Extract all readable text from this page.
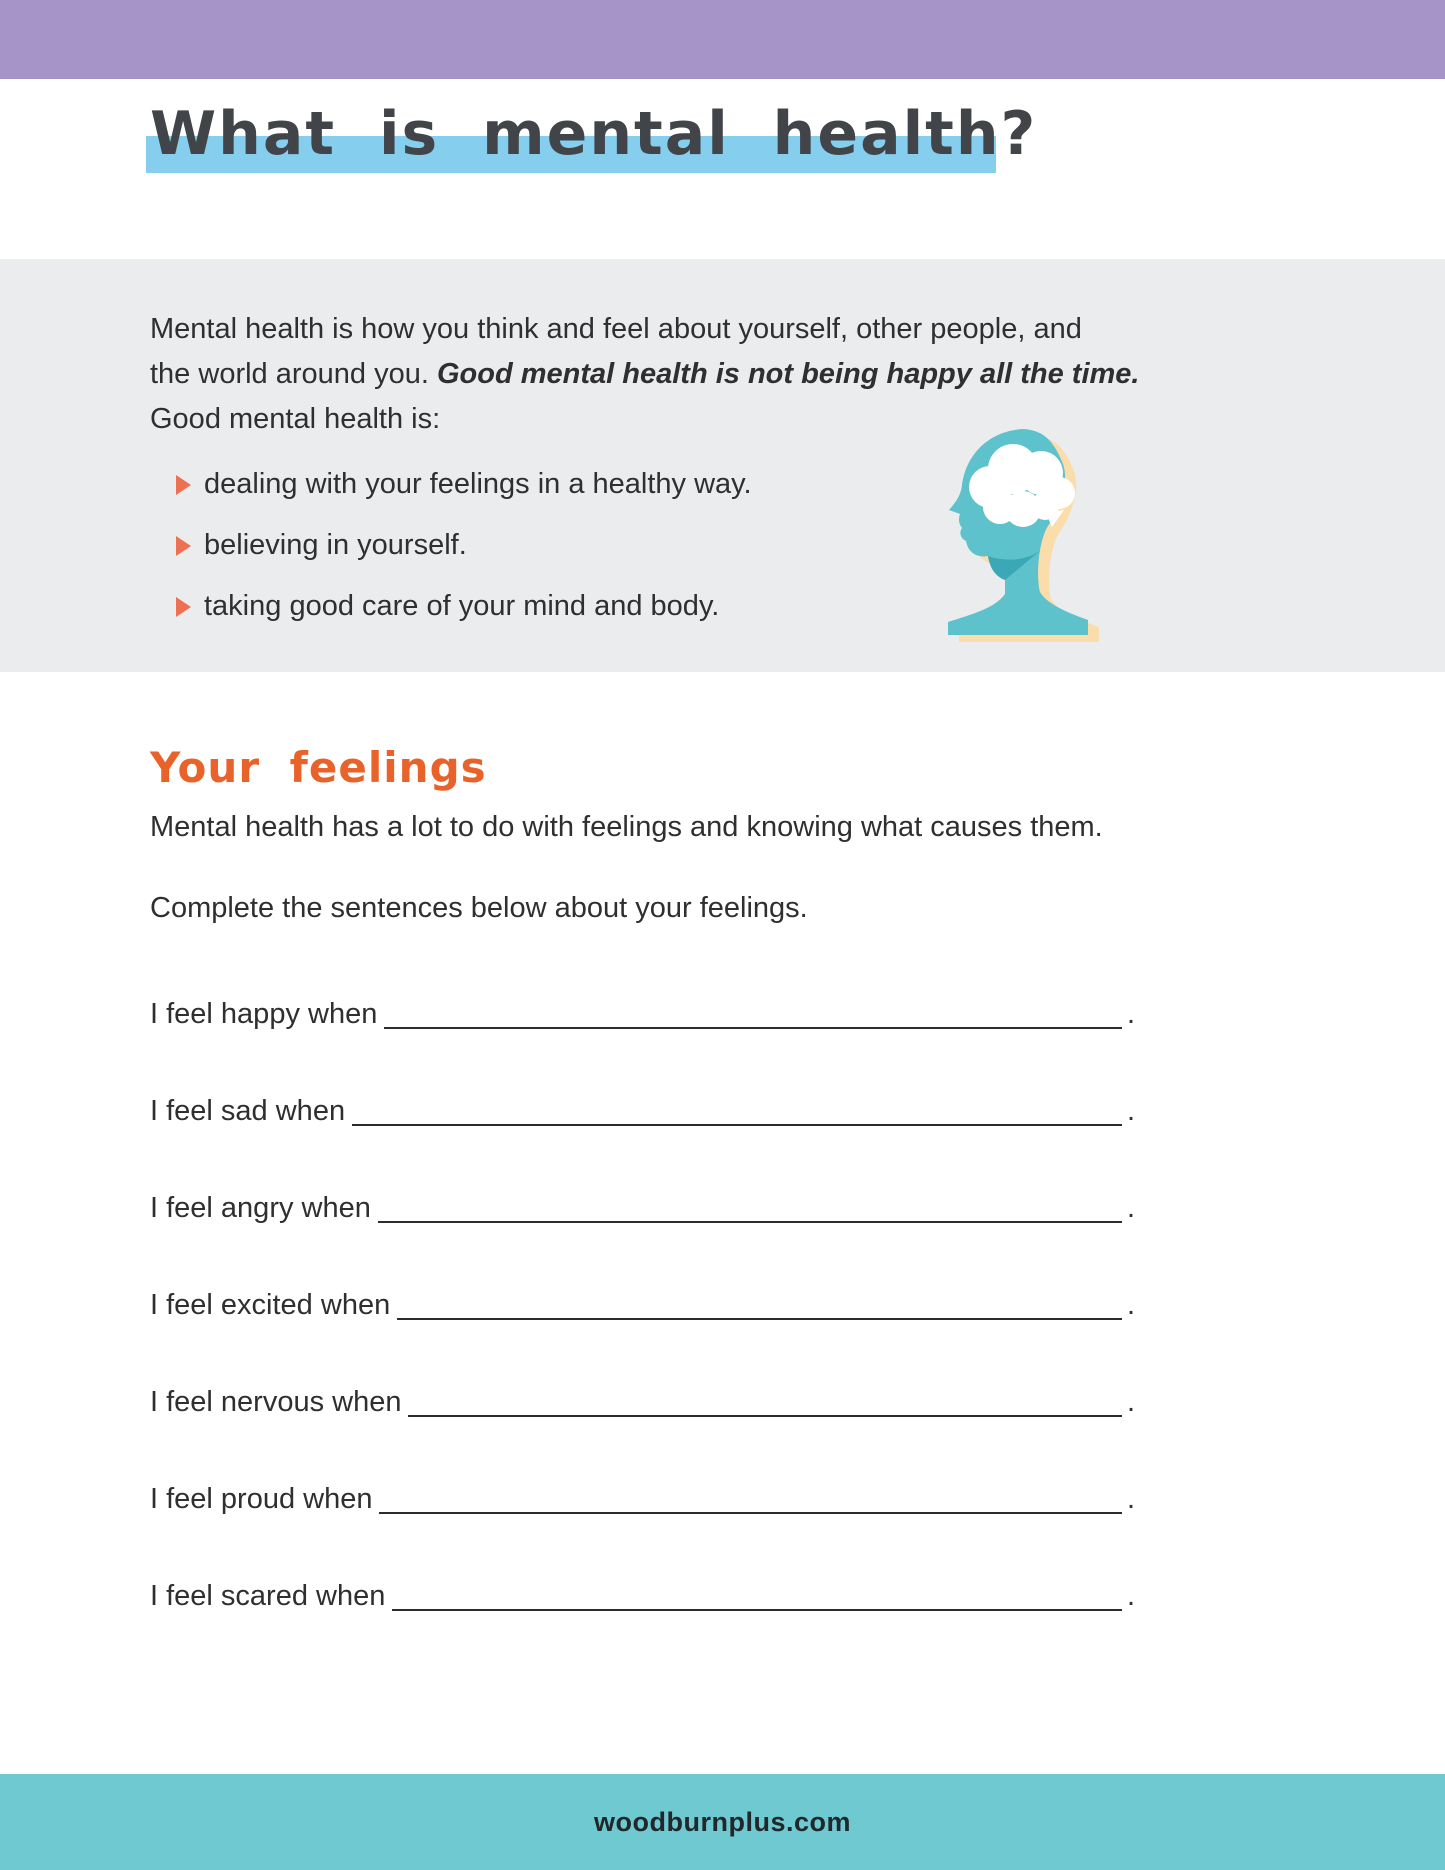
What is mental health?
Mental health is how you think and feel about yourself, other people, and
the world around you. Good mental health is not being happy all the time.
Good mental health is:
dealing with your feelings in a healthy way.
believing in yourself.
taking good care of your mind and body.
Your feelings

Mental health has a lot to do with feelings and knowing what causes them.

Complete the sentences below about your feelings.

I feel happy when	.
I feel sad when	.
I feel angry when	.
I feel excited when	.
I feel nervous when	.
I feel proud when	.
I feel scared when	.
woodburnplus.com
